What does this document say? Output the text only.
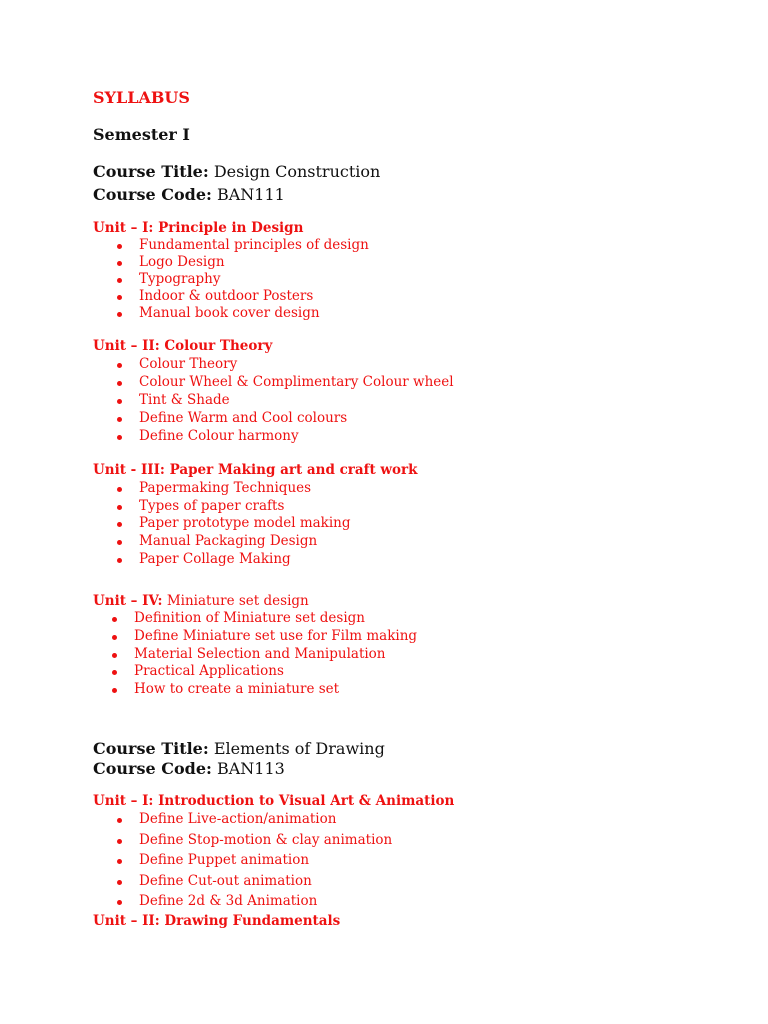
SYLLABUS
Semester I
Course Title: Design Construction
Course Code: BAN111
Unit – I: Principle in Design
Fundamental principles of design
Logo Design
Typography
Indoor & outdoor Posters
Manual book cover design
Unit – II: Colour Theory
Colour Theory
Colour Wheel & Complimentary Colour wheel
Tint & Shade
Define Warm and Cool colours
Define Colour harmony
Unit - III: Paper Making art and craft work
Papermaking Techniques
Types of paper crafts
Paper prototype model making
Manual Packaging Design
Paper Collage Making
Unit – IV: Miniature set design
Definition of Miniature set design
Define Miniature set use for Film making
Material Selection and Manipulation
Practical Applications
How to create a miniature set
Course Title: Elements of Drawing
Course Code: BAN113
Unit – I: Introduction to Visual Art & Animation
Define Live-action/animation
Define Stop-motion & clay animation
Define Puppet animation
Define Cut-out animation
Define 2d & 3d Animation
Unit – II: Drawing Fundamentals
